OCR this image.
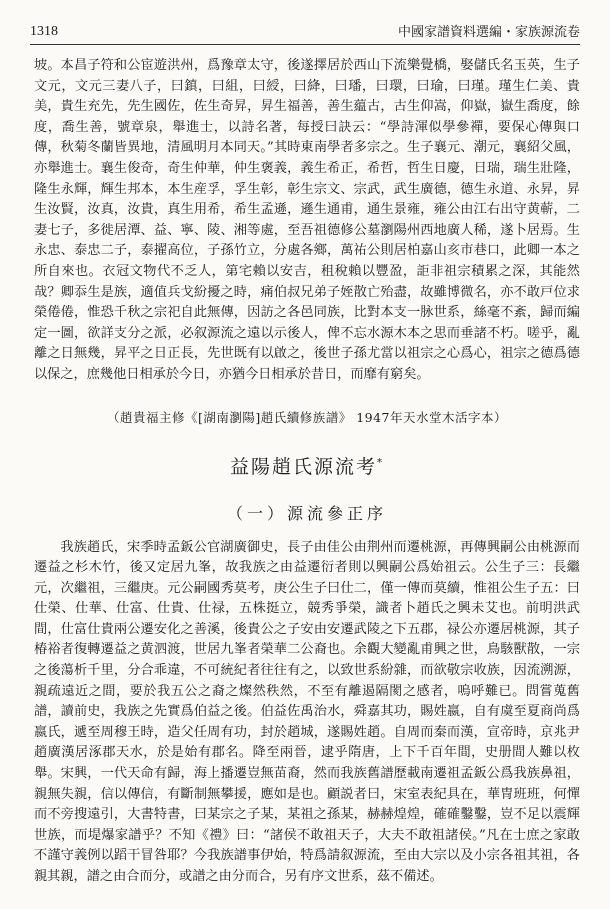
1318	中國家譜資料選編・家族源流卷

坡。本昌子符和公宦遊洪州，爲豫章太守，後遂擇居於西山下流樂覺橋，娶儲氏名玉英，生子文元，文元三妻八子，曰鎮，曰組，曰綬，曰絳，曰璠，曰環，曰瑜，曰瑾。瑾生仁美、貴美，貴生充先，先生國佐，佐生奇昇，昇生福善，善生藴古，古生仰嵩，仰嶽，嶽生喬度，餘度，喬生善，號章泉，舉進士，以詩名著，每授曰訣云：“學詩渾似學參禪，要保心傳與口傳，秋菊冬蘭皆異地，清風明月本同天。”其時東南學者多宗之。生子襄元、潮元，襄紹父風，亦舉進士。襄生俊奇，奇生仲華，仲生褒義，義生希正，希哲，哲生日慶，日瑞，瑞生壯隆，隆生永輝，輝生邦本，本生産孚，孚生彰，彰生宗文、宗武，武生廣德，德生永道、永昇，昇生汝賢，汝真，汝貴，真生用希，希生孟遜，遜生通甫，通生景雍，雍公由江右出守黄蕲，二妻七子，多徙居潭、益、寧、陵、湘等處，至吾祖德修公墓瀏陽州西地廣人稀，遂卜居焉。生永忠、泰忠二子，泰擢高位，子孫竹立，分處各鄉，萬祐公則居柏嘉山亥市巷口，此卿一本之所自來也。衣冠文物代不乏人，第宅賴以安吉，租稅賴以豐盈，詎非祖宗積累之深，其能然哉？卿忝生是族，適值兵戈紛擾之時，痛伯叔兄弟子姪散亡殆盡，故雖博微名，亦不敢戸位求榮倦倦，惟恐千秋之宗祀自此無傳，因訪之各邑同族，比對本支一脉世系，絲毫不紊，歸而編定一圖，欲詳支分之派，必叙源流之遠以示後人，俾不忘水源木本之思而垂諸不朽。嗟乎，亂離之日無幾，昇平之日正長，先世既有以啟之，後世子孫尤當以祖宗之心爲心，祖宗之德爲德以保之，庶幾他日相承於今日，亦猶今日相承於昔日，而靡有窮矣。

（趙貴福主修《[湖南瀏陽]趙氏續修族譜》 1947年天水堂木活字本）
益陽趙氏源流考*
（一）源流參正序

我族趙氏，宋季時孟鈑公官湖廣御史，長子由佳公由荆州而遷桃源，再傳興嗣公由桃源而遷益之杉木竹，後又定居九峯，故我族之由益遷衍者則以興嗣公爲始祖云。公生子三：長繼元，次繼祖，三繼庚。元公嗣國秀莫考，庚公生子曰仕二，僅一傳而莫續，惟祖公生子五：曰仕榮、仕華、仕富、仕貴、仕禄，五株挺立，競秀爭榮，識者卜趙氏之興未艾也。前明洪武間，仕富仕貴兩公遷安化之善溪，後貴公之子安由安遷武陵之下五郡，禄公亦遷居桃源，其子椿裕者復轉遷益之黄泗渡，世居九峯者榮華二公裔也。余觀大變亂甫興之世，鳥駭獸散，一宗之後蕩析千里，分合乖違，不可統紀者往往有之，以致世系紛雜，而欲敬宗收族，因流溯源，親疏遠近之間，要於我五公之裔之燦然秩然，不至有離遏隔閡之感者，嗚呼難已。問嘗蒐舊譜，讀前史，我族之先實爲伯益之後。伯益佐禹治水，舜嘉其功，賜姓嬴，自有虞至夏商尚爲嬴氏，遞至周穆王時，造父任周有功，封於趙城，遂賜姓趙。自周而秦而漢，宣帝時，京兆尹趙廣漢居涿郡天水，於是始有郡名。降至兩晉，逮乎隋唐，上下千百年間，史册間人難以枚舉。宋興，一代天命有歸，海上播遷豈無苗裔，然而我族舊譜歷載南遷祖孟鈑公爲我族鼻祖，親無失親，信以傳信，有斷制無攀援，應如是也。顧説者曰，宋室表紀具在，華冑班班，何憚而不旁搜遠引，大書特書，曰某宗之子某，某祖之孫某，赫赫煌煌，確確鑿鑿，豈不足以震輝世族，而堤爆家譜乎？不知《禮》曰：“諸侯不敢祖天子，大夫不敢祖諸侯。”凡在士庶之家敢不謹守義例以蹈干冒咎耶？今我族譜事伊始，特爲請叙源流，至由大宗以及小宗各祖其祖，各親其親，譜之由合而分，或譜之由分而合，另有序文世系，茲不備述。
